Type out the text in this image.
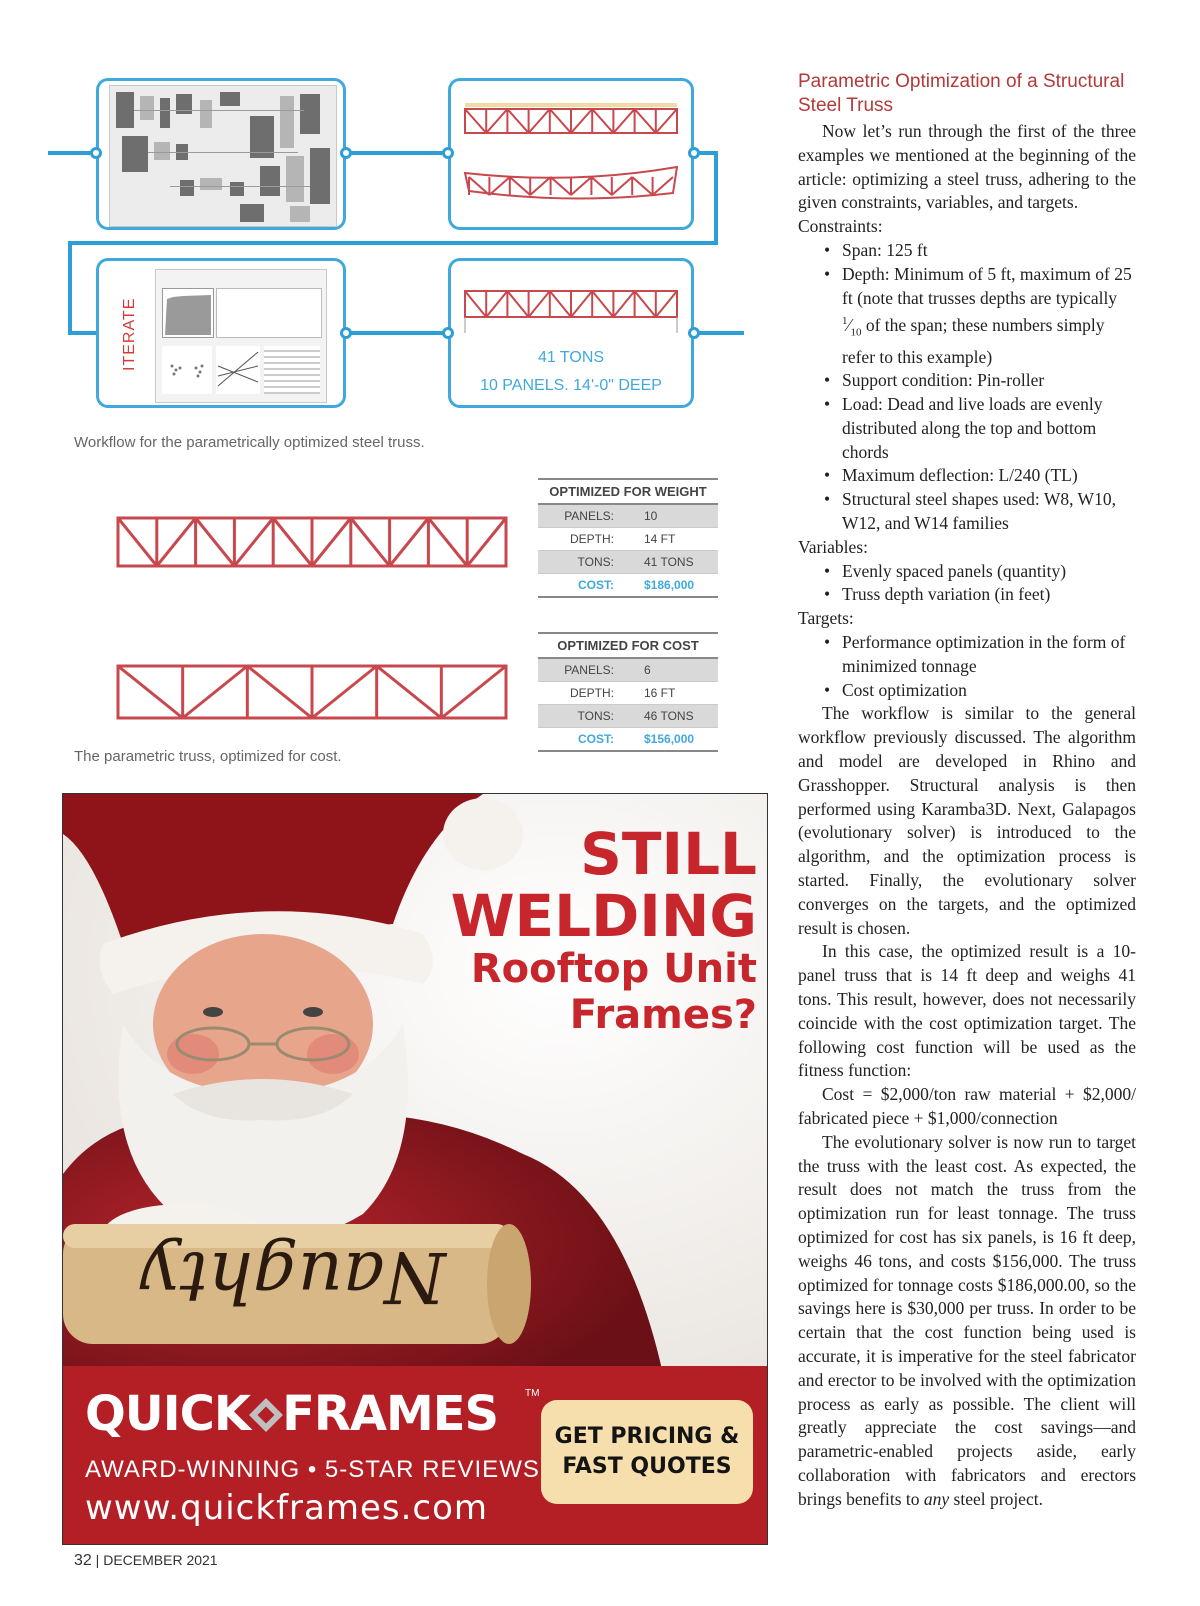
ITERATE	41 TONS
10 PANELS. 14'-0" DEEP
Workflow for the parametrically optimized steel truss.
OPTIMIZED FOR WEIGHT
PANELS:	10
DEPTH:	14 FT
TONS:	41 TONS
COST:	$186,000
OPTIMIZED FOR COST
PANELS:	6
DEPTH:	16 FT
TONS:	46 TONS
COST:	$156,000
The parametric truss, optimized for cost.
Parametric Optimization of a Structural Steel Truss

Now let’s run through the first of the three examples we mentioned at the beginning of the article: optimizing a steel truss, adhering to the given constraints, variables, and targets.

Constraints:

• Span: 125 ft
• Depth: Minimum of 5 ft, maximum of 25 ft (note that trusses depths are typically $^1⁄_{10}$ of the span; these numbers simply refer to this example)
• Support condition: Pin-roller
• Load: Dead and live loads are evenly distributed along the top and bottom chords
• Maximum deflection: L/240 (TL)
• Structural steel shapes used: W8, W10, W12, and W14 families

Variables:

• Evenly spaced panels (quantity)
• Truss depth variation (in feet)

Targets:

• Performance optimization in the form of minimized tonnage
• Cost optimization

The workflow is similar to the general workflow previously discussed. The algorithm and model are developed in Rhino and Grasshopper. Structural analysis is then performed using Karamba3D. Next, Galapagos (evolutionary solver) is introduced to the algorithm, and the optimization process is started. Finally, the evolutionary solver converges on the targets, and the optimized result is chosen.

In this case, the optimized result is a 10-panel truss that is 14 ft deep and weighs 41 tons. This result, however, does not necessarily coincide with the cost optimization target. The following cost function will be used as the fitness function:

Cost = $2,000/ton raw material + $2,000/ fabricated piece + $1,000/connection

The evolutionary solver is now run to target the truss with the least cost. As expected, the result does not match the truss from the optimization run for least tonnage. The truss optimized for cost has six panels, is 16 ft deep, weighs 46 tons, and costs $156,000. The truss optimized for tonnage costs $186,000.00, so the savings here is $30,000 per truss. In order to be certain that the cost function being used is accurate, it is imperative for the steel fabricator and erector to be involved with the optimization process as early as possible. The client will greatly appreciate the cost savings—and parametric-enabled projects aside, early collaboration with fabricators and erectors brings benefits to any steel project.

Naughty
STILL
WELDING
Rooftop Unit
Frames?
QUICK FRAMES	TM
AWARD-WINNING • 5-STAR REVIEWS
www.quickframes.com
GET PRICING &
FAST QUOTES
32 | DECEMBER 2021
